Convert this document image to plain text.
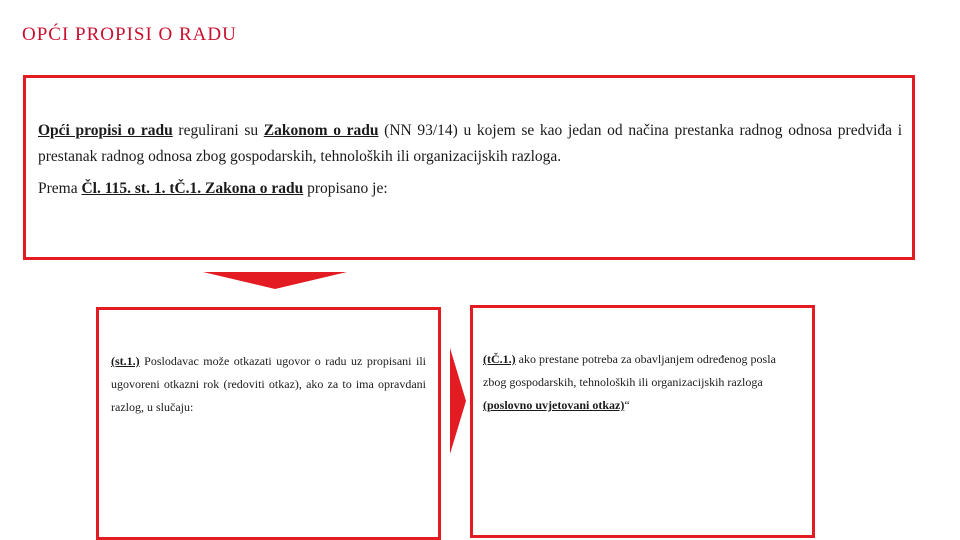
OPĆI PROPISI O RADU

Opći propisi o radu regulirani su Zakonom o radu (NN 93/14) u kojem se kao jedan od načina prestanka radnog odnosa predviđa i prestanak radnog odnosa zbog gospodarskih, tehnoloških ili organizacijskih razloga.

Prema Čl. 115. st. 1. tČ.1. Zakona o radu propisano je:

(st.1.) Poslodavac može otkazati ugovor o radu uz propisani ili ugovoreni otkazni rok (redoviti otkaz), ako za to ima opravdani razlog, u slučaju:

(tČ.1.) ako prestane potreba za obavljanjem određenog posla zbog gospodarskih, tehnoloških ili organizacijskih razloga (poslovno uvjetovani otkaz)“
